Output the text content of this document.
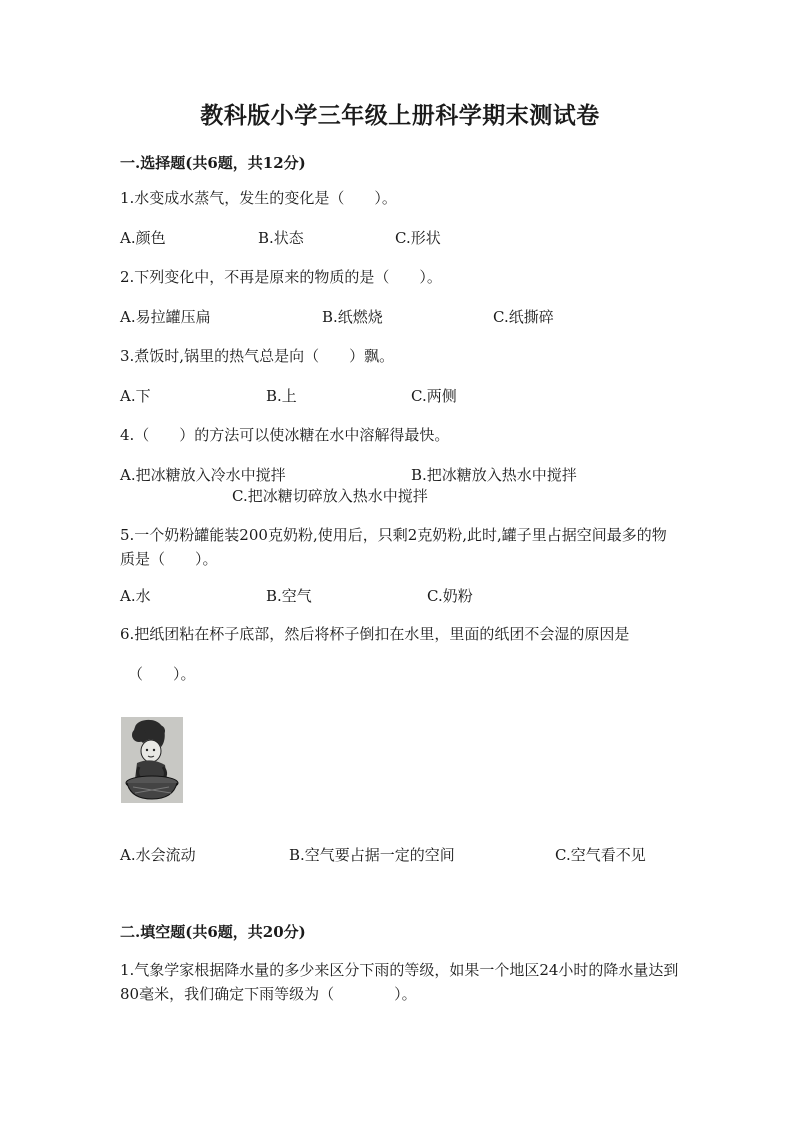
教科版小学三年级上册科学期末测试卷
一.选择题(共6题，共12分)
1.水变成水蒸气，发生的变化是（　　）。
A.颜色	B.状态	C.形状
2.下列变化中，不再是原来的物质的是（　　）。
A.易拉罐压扁	B.纸燃烧	C.纸撕碎
3.煮饭时,锅里的热气总是向（　　）飘。
A.下	B.上	C.两侧
4.（　　）的方法可以使冰糖在水中溶解得最快。
A.把冰糖放入冷水中搅拌	B.把冰糖放入热水中搅拌
C.把冰糖切碎放入热水中搅拌
5.一个奶粉罐能装200克奶粉,使用后，只剩2克奶粉,此时,罐子里占据空间最多的物质是（　　）。
A.水	B.空气	C.奶粉
6.把纸团粘在杯子底部，然后将杯子倒扣在水里，里面的纸团不会湿的原因是
（　　）。
A.水会流动	B.空气要占据一定的空间	C.空气看不见
二.填空题(共6题，共20分)
1.气象学家根据降水量的多少来区分下雨的等级，如果一个地区24小时的降水量达到80毫米，我们确定下雨等级为（　　　　）。
